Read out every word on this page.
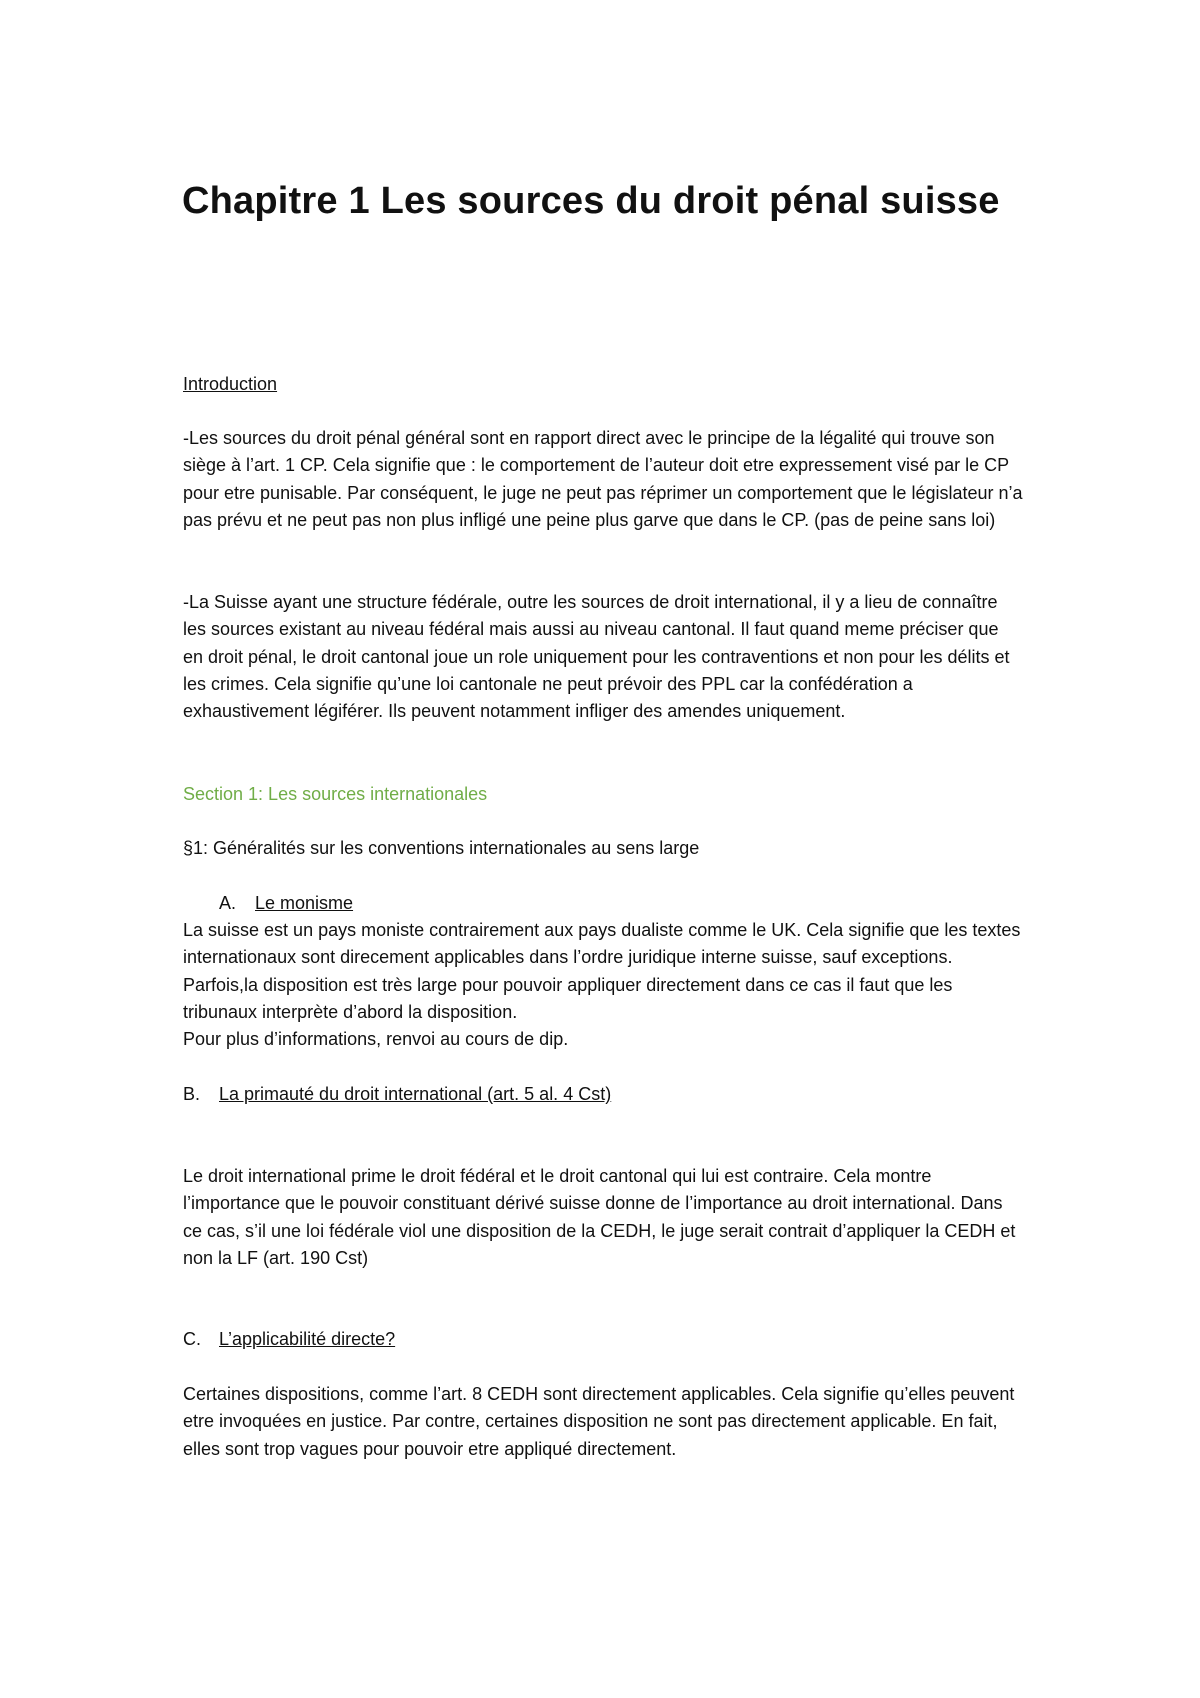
Chapitre 1 Les sources du droit pénal suisse

Introduction

-Les sources du droit pénal général sont en rapport direct avec le principe de la légalité qui trouve son siège à l’art. 1 CP. Cela signifie que : le comportement de l’auteur doit etre expressement visé par le CP pour etre punisable. Par conséquent, le juge ne peut pas réprimer un comportement que le législateur n’a pas prévu et ne peut pas non plus infligé une peine plus garve que dans le CP. (pas de peine sans loi)

-La Suisse ayant une structure fédérale, outre les sources de droit international, il y a lieu de connaître les sources existant au niveau fédéral mais aussi au niveau cantonal. Il faut quand meme préciser que en droit pénal, le droit cantonal joue un role uniquement pour les contraventions et non pour les délits et les crimes. Cela signifie qu’une loi cantonale ne peut prévoir des PPL car la confédération a exhaustivement légiférer. Ils peuvent notamment infliger des amendes uniquement.

Section 1: Les sources internationales

§1: Généralités sur les conventions internationales au sens large

A. Le monisme

La suisse est un pays moniste contrairement aux pays dualiste comme le UK. Cela signifie que les textes internationaux sont direcement applicables dans l’ordre juridique interne suisse, sauf exceptions. Parfois,la disposition est très large pour pouvoir appliquer directement dans ce cas il faut que les tribunaux interprète d’abord la disposition.

Pour plus d’informations, renvoi au cours de dip.

B. La primauté du droit international (art. 5 al. 4 Cst)

Le droit international prime le droit fédéral et le droit cantonal qui lui est contraire. Cela montre l’importance que le pouvoir constituant dérivé suisse donne de l’importance au droit international. Dans ce cas, s’il une loi fédérale viol une disposition de la CEDH, le juge serait contrait d’appliquer la CEDH et non la LF (art. 190 Cst)

C. L’applicabilité directe?

Certaines dispositions, comme l’art. 8 CEDH sont directement applicables. Cela signifie qu’elles peuvent etre invoquées en justice. Par contre, certaines disposition ne sont pas directement applicable. En fait, elles sont trop vagues pour pouvoir etre appliqué directement.
